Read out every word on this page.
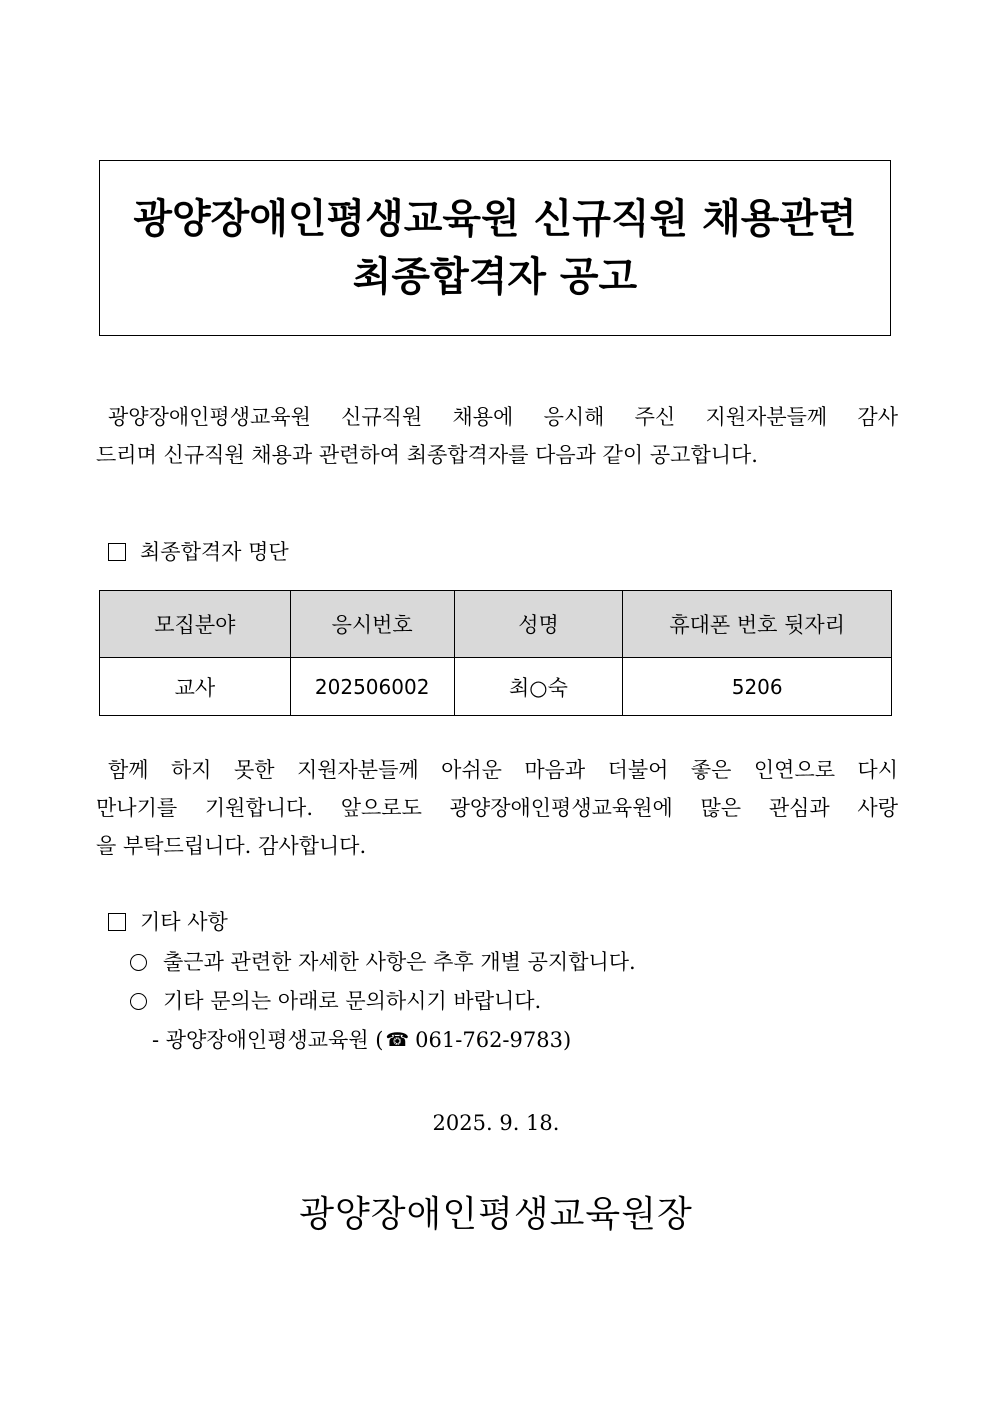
광양장애인평생교육원 신규직원 채용관련
최종합격자 공고
광양장애인평생교육원 신규직원 채용에 응시해 주신 지원자분들께 감사
드리며 신규직원 채용과 관련하여 최종합격자를 다음과 같이 공고합니다.
최종합격자 명단
모집분야	응시번호	성명	휴대폰 번호 뒷자리
교사	202506002	최○숙	5206
함께 하지 못한 지원자분들께 아쉬운 마음과 더불어 좋은 인연으로 다시
만나기를 기원합니다. 앞으로도 광양장애인평생교육원에 많은 관심과 사랑
을 부탁드립니다. 감사합니다.
기타 사항
출근과 관련한 자세한 사항은 추후 개별 공지합니다.
기타 문의는 아래로 문의하시기 바랍니다.
- 광양장애인평생교육원 ( ☎ 061-762-9783)
2025. 9. 18.
광양장애인평생교육원장
